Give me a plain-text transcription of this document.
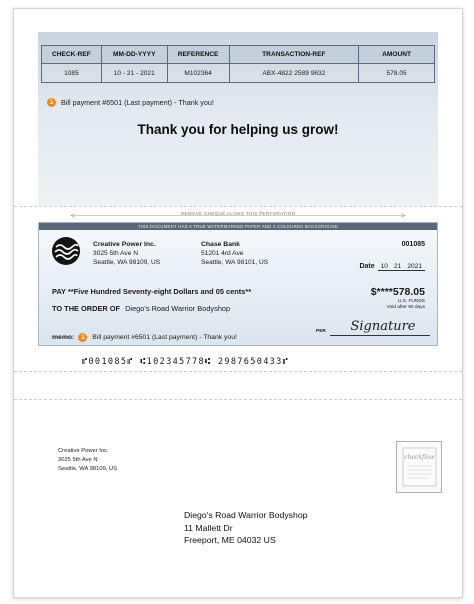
CHECK-REF	MM-DD-YYYY	REFERENCE	TRANSACTION-REF	AMOUNT
1085	10 - 21 - 2021	M102364	ABX-4822 2589 9632	578.05
1	Bill payment #6501 (Last payment) - Thank you!
Thank you for helping us grow!
REMOVE CHEQUE ALONG THIS PERFORATION
THIS DOCUMENT HAS A TRUE WATERMARKED PAPER AND A COLOURED BACKGROUND
Creative Power Inc.
3025 5th Ave N
Seattle, WA 98109, US
Chase Bank
51201 4rd Ave
Seattle, WA 98101, US
001085
Date 10 21 2021
PAY **Five Hundred Seventy-eight Dollars and 05 cents**
TO THE ORDER OF Diego's Road Warrior Bodyshop
$****578.05
U.S. FUNDS
Void after 90 days
memo:	1	Bill payment #6501 (Last payment) - Thank you!
PER	Signature
⑈001085⑈ ⑆102345778⑆ 2987650433⑈
Creative Power Inc.
3025 5th Ave N
Seattle, WA 98109, US
checkflow
Diego's Road Warrior Bodyshop
11 Mallett Dr
Freeport, ME 04032 US
